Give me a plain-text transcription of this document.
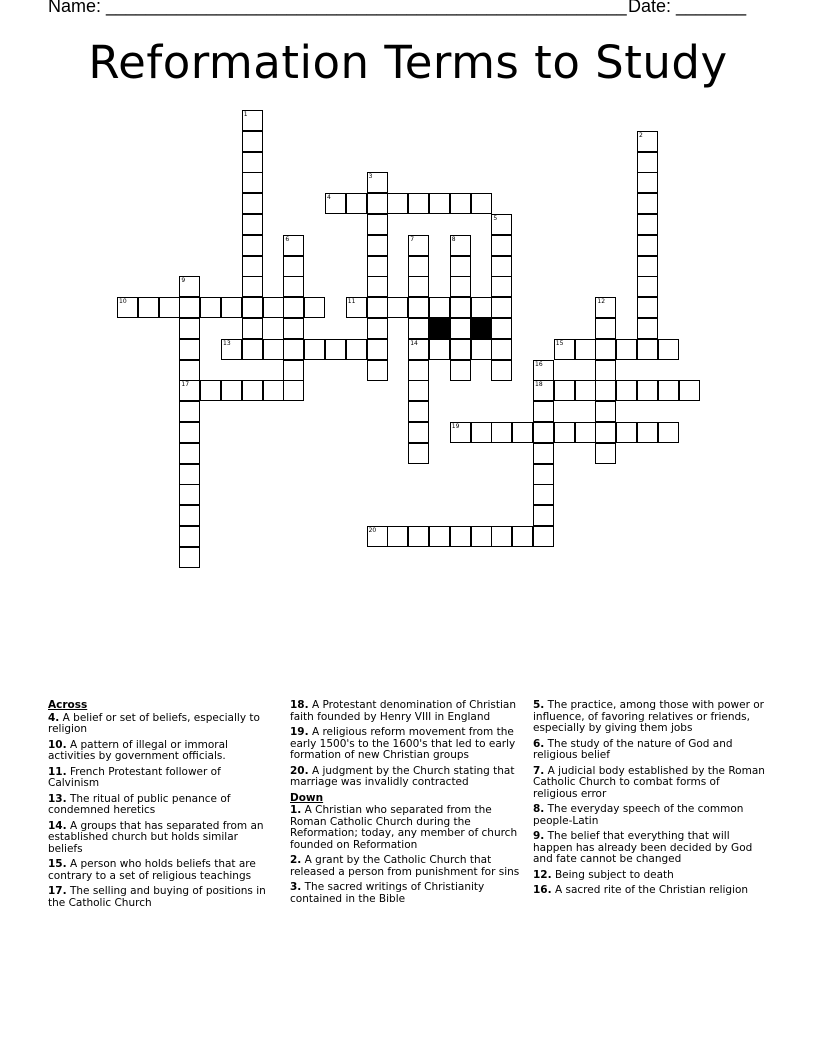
Name: ____________________________________________________ Date: _______
Reformation Terms to Study
1
2
3
4
5
6	7
14
8
9
17
10	11	12
13	15
16
18
19
20
Across
4. A belief or set of beliefs, especially to religion
10. A pattern of illegal or immoral activities by government officials.
11. French Protestant follower of Calvinism
13. The ritual of public penance of condemned heretics
14. A groups that has separated from an established church but holds similar beliefs
15. A person who holds beliefs that are contrary to a set of religious teachings
17. The selling and buying of positions in the Catholic Church
18. A Protestant denomination of Christian faith founded by Henry VIII in England
19. A religious reform movement from the early 1500's to the 1600's that led to early formation of new Christian groups
20. A judgment by the Church stating that marriage was invalidly contracted
Down
1. A Christian who separated from the Roman Catholic Church during the Reformation; today, any member of church founded on Reformation
2. A grant by the Catholic Church that released a person from punishment for sins
3. The sacred writings of Christianity contained in the Bible
5. The practice, among those with power or influence, of favoring relatives or friends, especially by giving them jobs
6. The study of the nature of God and religious belief
7. A judicial body established by the Roman Catholic Church to combat forms of religious error
8. The everyday speech of the common people-Latin
9. The belief that everything that will happen has already been decided by God and fate cannot be changed
12. Being subject to death
16. A sacred rite of the Christian religion
